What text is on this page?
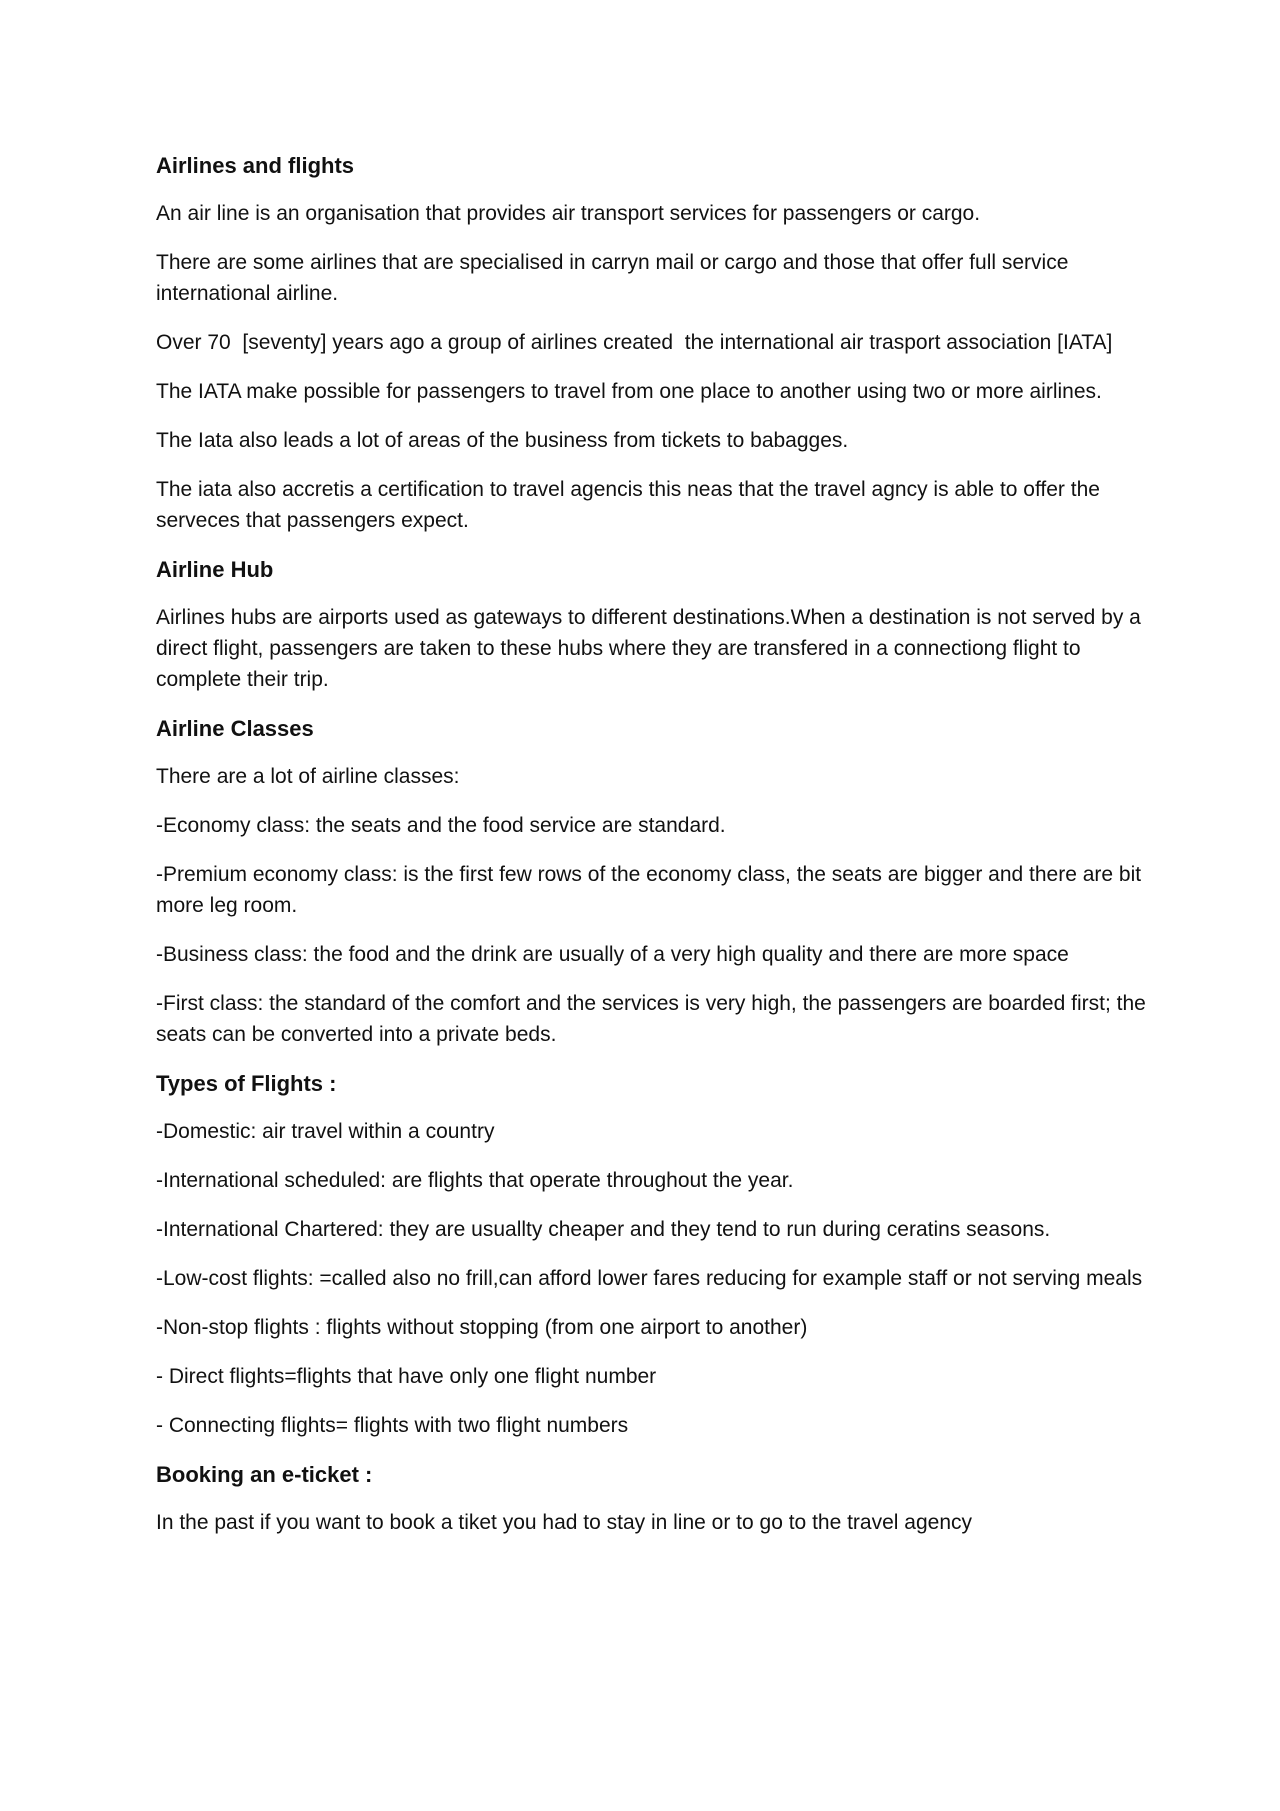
Airlines and flights
An air line is an organisation that provides air transport services for passengers or cargo.
There are some airlines that are specialised in carryn mail or cargo and those that offer full service international airline.
Over 70  [seventy] years ago a group of airlines created  the international air trasport association [IATA]
The IATA make possible for passengers to travel from one place to another using two or more airlines.
The Iata also leads a lot of areas of the business from tickets to babagges.
The iata also accretis a certification to travel agencis this neas that the travel agncy is able to offer the serveces that passengers expect.
Airline Hub
Airlines hubs are airports used as gateways to different destinations.When a destination is not served by a direct flight, passengers are taken to these hubs where they are transfered in a connectiong flight to complete their trip.
Airline Classes
There are a lot of airline classes:
-Economy class: the seats and the food service are standard.
-Premium economy class: is the first few rows of the economy class, the seats are bigger and there are bit more leg room.
-Business class: the food and the drink are usually of a very high quality and there are more space
-First class: the standard of the comfort and the services is very high, the passengers are boarded first; the seats can be converted into a private beds.
Types of Flights :
-Domestic: air travel within a country
-International scheduled: are flights that operate throughout the year.
-International Chartered: they are usuallty cheaper and they tend to run during ceratins seasons.
-Low-cost flights: =called also no frill,can afford lower fares reducing for example staff or not serving meals
-Non-stop flights : flights without stopping (from one airport to another)
- Direct flights=flights that have only one flight number
- Connecting flights= flights with two flight numbers
Booking an e-ticket :
In the past if you want to book a tiket you had to stay in line or to go to the travel agency
